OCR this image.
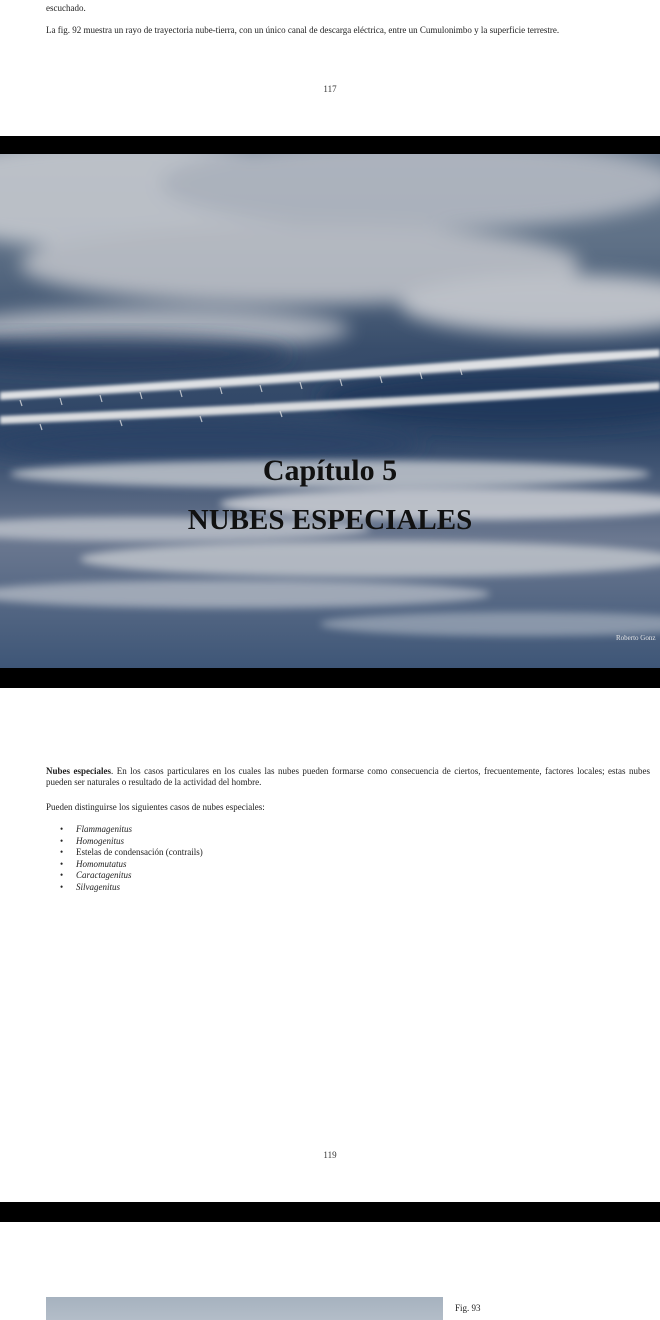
escuchado.
La fig. 92 muestra un rayo de trayectoria nube-tierra, con un único canal de descarga eléctrica, entre un Cumulonimbo y la superficie terrestre.
117
Capítulo 5
NUBES ESPECIALES
Roberto Gonz
Nubes especiales. En los casos particulares en los cuales las nubes pueden formarse como consecuencia de ciertos, frecuentemente, factores locales; estas nubes pueden ser naturales o resultado de la actividad del hombre.
Pueden distinguirse los siguientes casos de nubes especiales:
119
• Flammagenitus
• Homogenitus
• Estelas de condensación (contrails)
• Homomutatus
• Caractagenitus
• Silvagenitus
Fig. 93
